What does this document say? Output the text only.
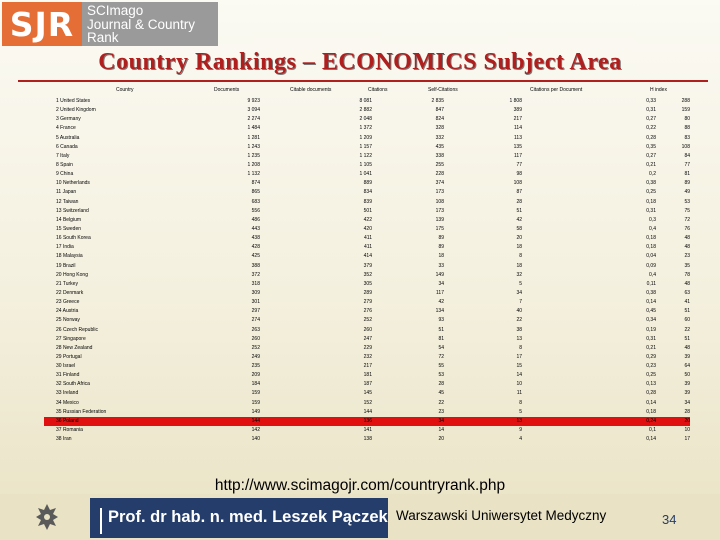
SJR SCImago
Journal & Country
Rank
Country Rankings – ECONOMICS Subject Area
Country	Documents	Citable documents	Citations	Self-Citations	Citations per Document	H index
1 United States	9 923	8 081	2 835	1 808	0,33	288
2 United Kingdom	3 094	2 882	847	389	0,31	159
3 Germany	2 274	2 048	824	217	0,27	80
4 France	1 484	1 372	328	114	0,22	88
5 Australia	1 281	1 209	332	113	0,28	83
6 Canada	1 243	1 157	435	135	0,35	108
7 Italy	1 235	1 122	338	117	0,27	84
8 Spain	1 208	1 105	255	77	0,21	77
9 China	1 132	1 041	228	98	0,2	81
10 Netherlands	874	889	374	108	0,38	89
11 Japan	865	834	173	87	0,25	49
12 Taiwan	683	839	108	28	0,18	53
13 Switzerland	556	501	173	51	0,31	75
14 Belgium	486	422	139	42	0,3	72
15 Sweden	443	420	175	58	0,4	76
16 South Korea	438	411	89	20	0,18	48
17 India	428	411	89	18	0,18	48
18 Malaysia	425	414	18	8	0,04	23
19 Brazil	388	379	33	18	0,09	35
20 Hong Kong	372	352	149	32	0,4	78
21 Turkey	318	305	34	5	0,11	48
22 Denmark	309	289	117	34	0,38	63
23 Greece	301	279	42	7	0,14	41
24 Austria	297	276	134	40	0,45	51
25 Norway	274	252	93	22	0,34	60
26 Czech Republic	263	260	51	38	0,19	22
27 Singapore	260	247	81	13	0,31	51
28 New Zealand	252	229	54	8	0,21	48
29 Portugal	249	232	72	17	0,29	39
30 Israel	235	217	55	15	0,23	64
31 Finland	209	181	53	14	0,25	50
32 South Africa	184	187	28	10	0,13	39
33 Ireland	159	145	45	11	0,28	39
34 Mexico	159	152	22	8	0,14	34
35 Russian Federation	149	144	23	5	0,18	28
36 Poland	144	136	34	13	0,24	20
37 Romania	142	141	14	9	0,1	10
38 Iran	140	138	20	4	0,14	17
http://www.scimagojr.com/countryrank.php
Prof. dr hab. n. med. Leszek Pączek Warszawski Uniwersytet Medyczny	34
